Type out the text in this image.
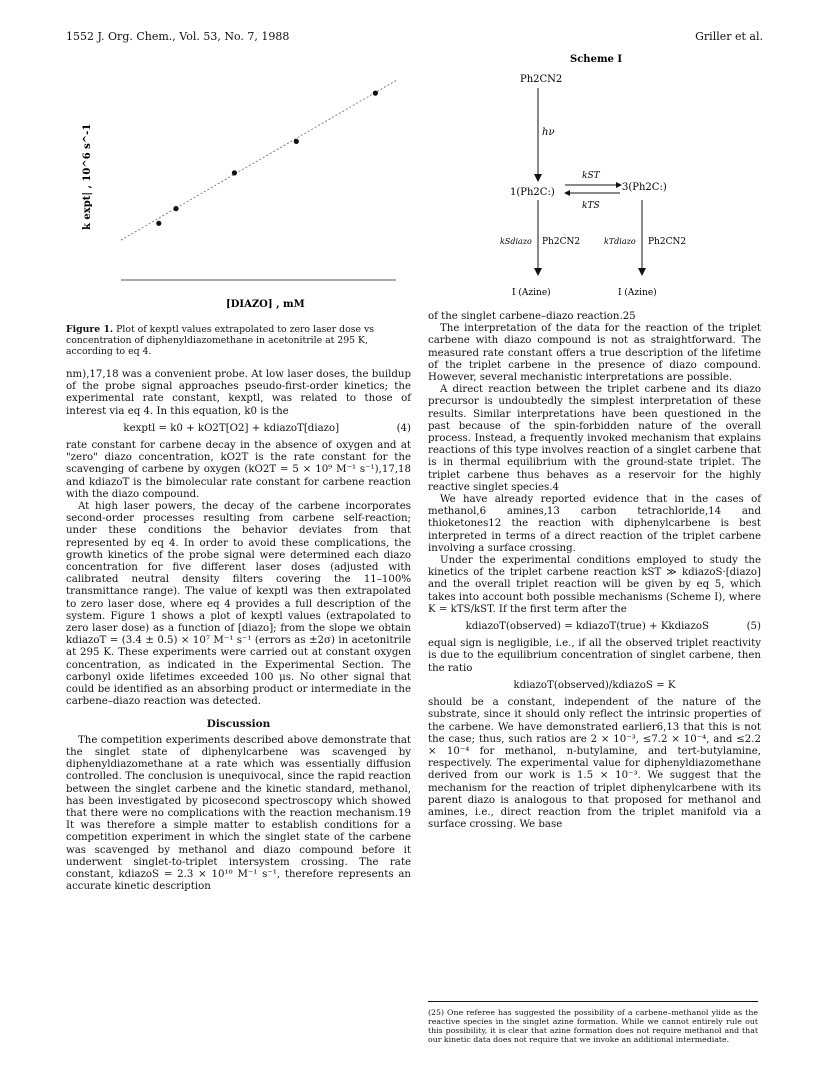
1552 J. Org. Chem., Vol. 53, No. 7, 1988	Griller et al.
k expt| , 10^6 s^-1
[DIAZO] , mM
Figure 1. Plot of kexptl values extrapolated to zero laser dose vs concentration of diphenyldiazomethane in acetonitrile at 295 K, according to eq 4.
Scheme I
Ph2CN2
hν
1(Ph2C:)
kST
kTS
3(Ph2C:)
kSdiazo Ph2CN2	kTdiazo Ph2CN2
I (Azine)	I (Azine)

nm),17,18 was a convenient probe. At low laser doses, the buildup of the probe signal approaches pseudo-first-order kinetics; the experimental rate constant, kexptl, was related to those of interest via eq 4. In this equation, k0 is the

kexptl = k0 + kO2T[O2] + kdiazoT[diazo]	(4)

rate constant for carbene decay in the absence of oxygen and at "zero" diazo concentration, kO2T is the rate constant for the scavenging of carbene by oxygen (kO2T = 5 × 10⁹ M⁻¹ s⁻¹),17,18 and kdiazoT is the bimolecular rate constant for carbene reaction with the diazo compound.

At high laser powers, the decay of the carbene incorporates second-order processes resulting from carbene self-reaction; under these conditions the behavior deviates from that represented by eq 4. In order to avoid these complications, the growth kinetics of the probe signal were determined each diazo concentration for five different laser doses (adjusted with calibrated neutral density filters covering the 11–100% transmittance range). The value of kexptl was then extrapolated to zero laser dose, where eq 4 provides a full description of the system. Figure 1 shows a plot of kexptl values (extrapolated to zero laser dose) as a function of [diazo]; from the slope we obtain kdiazoT = (3.4 ± 0.5) × 10⁷ M⁻¹ s⁻¹ (errors as ±2σ) in acetonitrile at 295 K. These experiments were carried out at constant oxygen concentration, as indicated in the Experimental Section. The carbonyl oxide lifetimes exceeded 100 μs. No other signal that could be identified as an absorbing product or intermediate in the carbene–diazo reaction was detected.

Discussion

The competition experiments described above demonstrate that the singlet state of diphenylcarbene was scavenged by diphenyldiazomethane at a rate which was essentially diffusion controlled. The conclusion is unequivocal, since the rapid reaction between the singlet carbene and the kinetic standard, methanol, has been investigated by picosecond spectroscopy which showed that there were no complications with the reaction mechanism.19 It was therefore a simple matter to establish conditions for a competition experiment in which the singlet state of the carbene was scavenged by methanol and diazo compound before it underwent singlet-to-triplet intersystem crossing. The rate constant, kdiazoS = 2.3 × 10¹⁰ M⁻¹ s⁻¹, therefore represents an accurate kinetic description

of the singlet carbene–diazo reaction.25

The interpretation of the data for the reaction of the triplet carbene with diazo compound is not as straightforward. The measured rate constant offers a true description of the lifetime of the triplet carbene in the presence of diazo compound. However, several mechanistic interpretations are possible.

A direct reaction between the triplet carbene and its diazo precursor is undoubtedly the simplest interpretation of these results. Similar interpretations have been questioned in the past because of the spin-forbidden nature of the overall process. Instead, a frequently invoked mechanism that explains reactions of this type involves reaction of a singlet carbene that is in thermal equilibrium with the ground-state triplet. The triplet carbene thus behaves as a reservoir for the highly reactive singlet species.4

We have already reported evidence that in the cases of methanol,6 amines,13 carbon tetrachloride,14 and thioketones12 the reaction with diphenylcarbene is best interpreted in terms of a direct reaction of the triplet carbene involving a surface crossing.

Under the experimental conditions employed to study the kinetics of the triplet carbene reaction kST ≫ kdiazoS·[diazo] and the overall triplet reaction will be given by eq 5, which takes into account both possible mechanisms (Scheme I), where K = kTS/kST. If the first term after the

kdiazoT(observed) = kdiazoT(true) + KkdiazoS	(5)

equal sign is negligible, i.e., if all the observed triplet reactivity is due to the equilibrium concentration of singlet carbene, then the ratio

kdiazoT(observed)/kdiazoS = K

should be a constant, independent of the nature of the substrate, since it should only reflect the intrinsic properties of the carbene. We have demonstrated earlier6,13 that this is not the case; thus, such ratios are 2 × 10⁻³, ≤7.2 × 10⁻⁴, and ≤2.2 × 10⁻⁴ for methanol, n-butylamine, and tert-butylamine, respectively. The experimental value for diphenyldiazomethane derived from our work is 1.5 × 10⁻³. We suggest that the mechanism for the reaction of triplet diphenylcarbene with its parent diazo is analogous to that proposed for methanol and amines, i.e., direct reaction from the triplet manifold via a surface crossing. We base

(25) One referee has suggested the possibility of a carbene–methanol ylide as the reactive species in the singlet azine formation. While we cannot entirely rule out this possibility, it is clear that azine formation does not require methanol and that our kinetic data does not require that we invoke an additional intermediate.
